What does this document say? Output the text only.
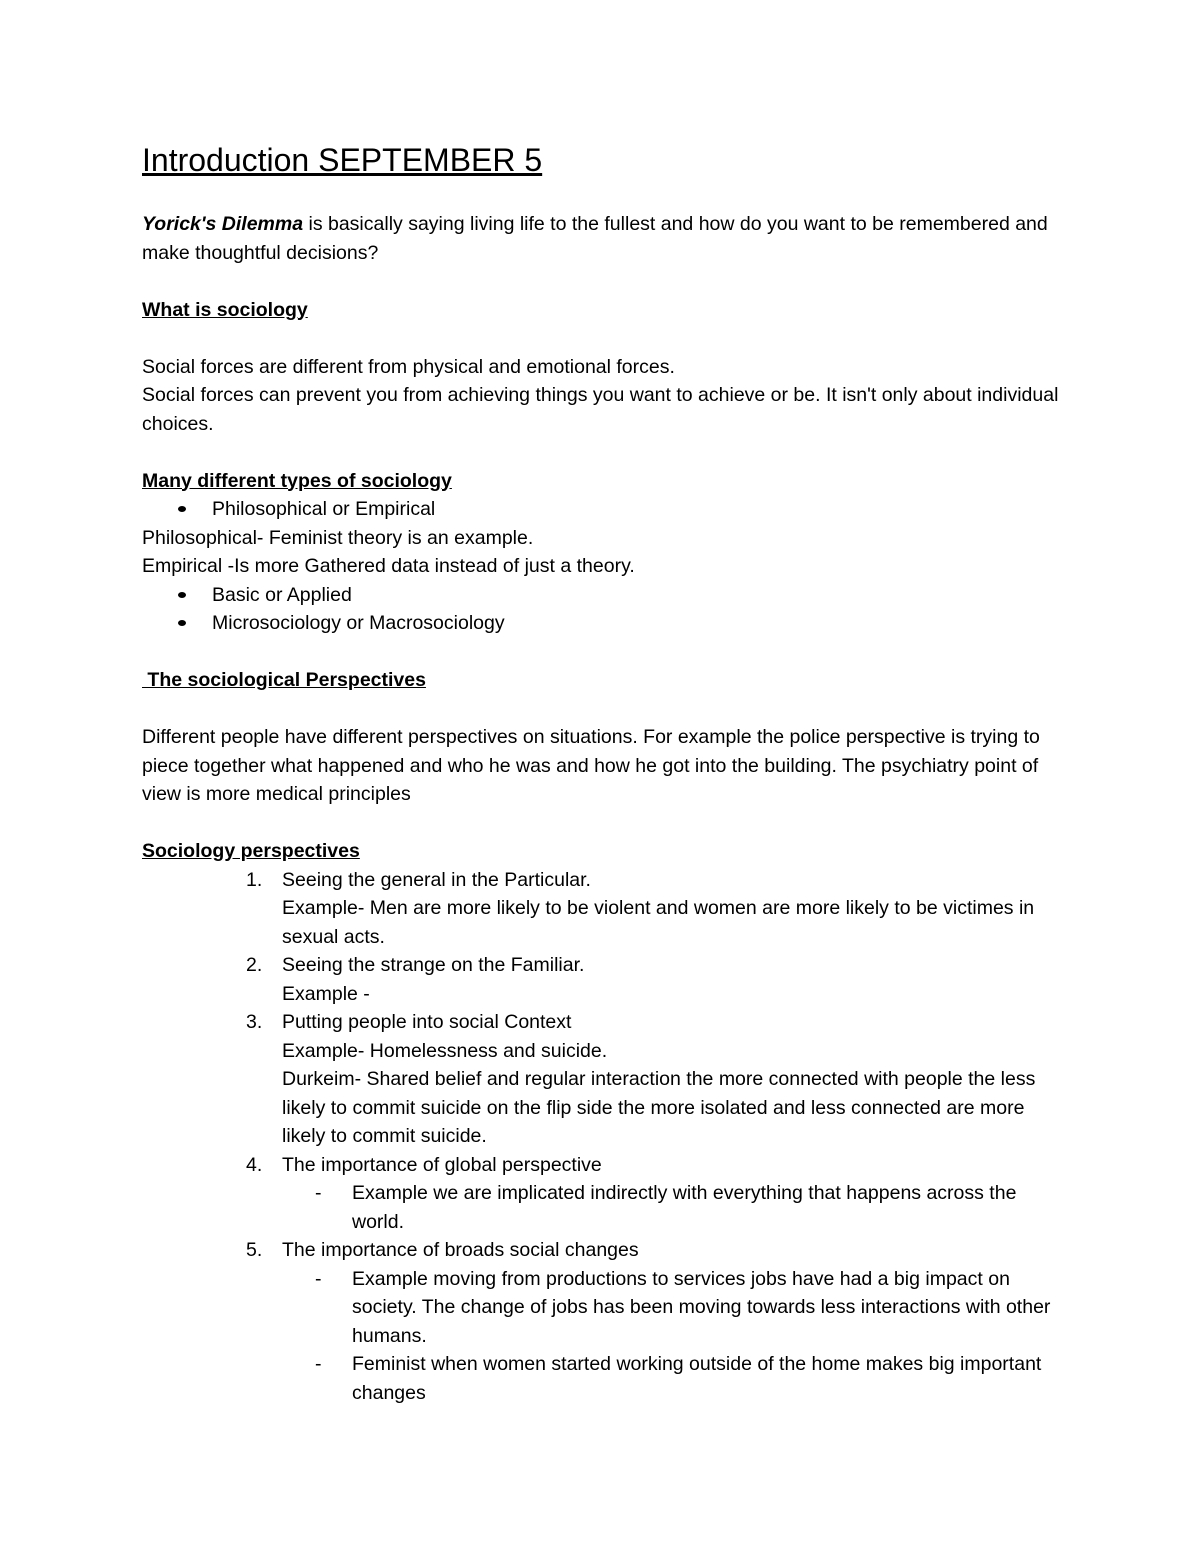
Introduction SEPTEMBER 5

Yorick's Dilemma is basically saying living life to the fullest and how do you want to be remembered and make thoughtful decisions?

What is sociology

Social forces are different from physical and emotional forces.

Social forces can prevent you from achieving things you want to achieve or be. It isn't only about individual choices.

Many different types of sociology

Philosophical or Empirical

Philosophical- Feminist theory is an example.

Empirical -Is more Gathered data instead of just a theory.

Basic or Applied
Microsociology or Macrosociology

The sociological Perspectives

Different people have different perspectives on situations. For example the police perspective is trying to piece together what happened and who he was and how he got into the building. The psychiatry point of view is more medical principles

Sociology perspectives

1. Seeing the general in the Particular.
Example- Men are more likely to be violent and women are more likely to be victimes in sexual acts.
2. Seeing the strange on the Familiar.
Example -
3. Putting people into social Context
Example- Homelessness and suicide.
Durkeim- Shared belief and regular interaction the more connected with people the less likely to commit suicide on the flip side the more isolated and less connected are more likely to commit suicide.
4. The importance of global perspective
- Example we are implicated indirectly with everything that happens across the world.
5. The importance of broads social changes
- Example moving from productions to services jobs have had a big impact on society. The change of jobs has been moving towards less interactions with other humans.
- Feminist when women started working outside of the home makes big important changes
